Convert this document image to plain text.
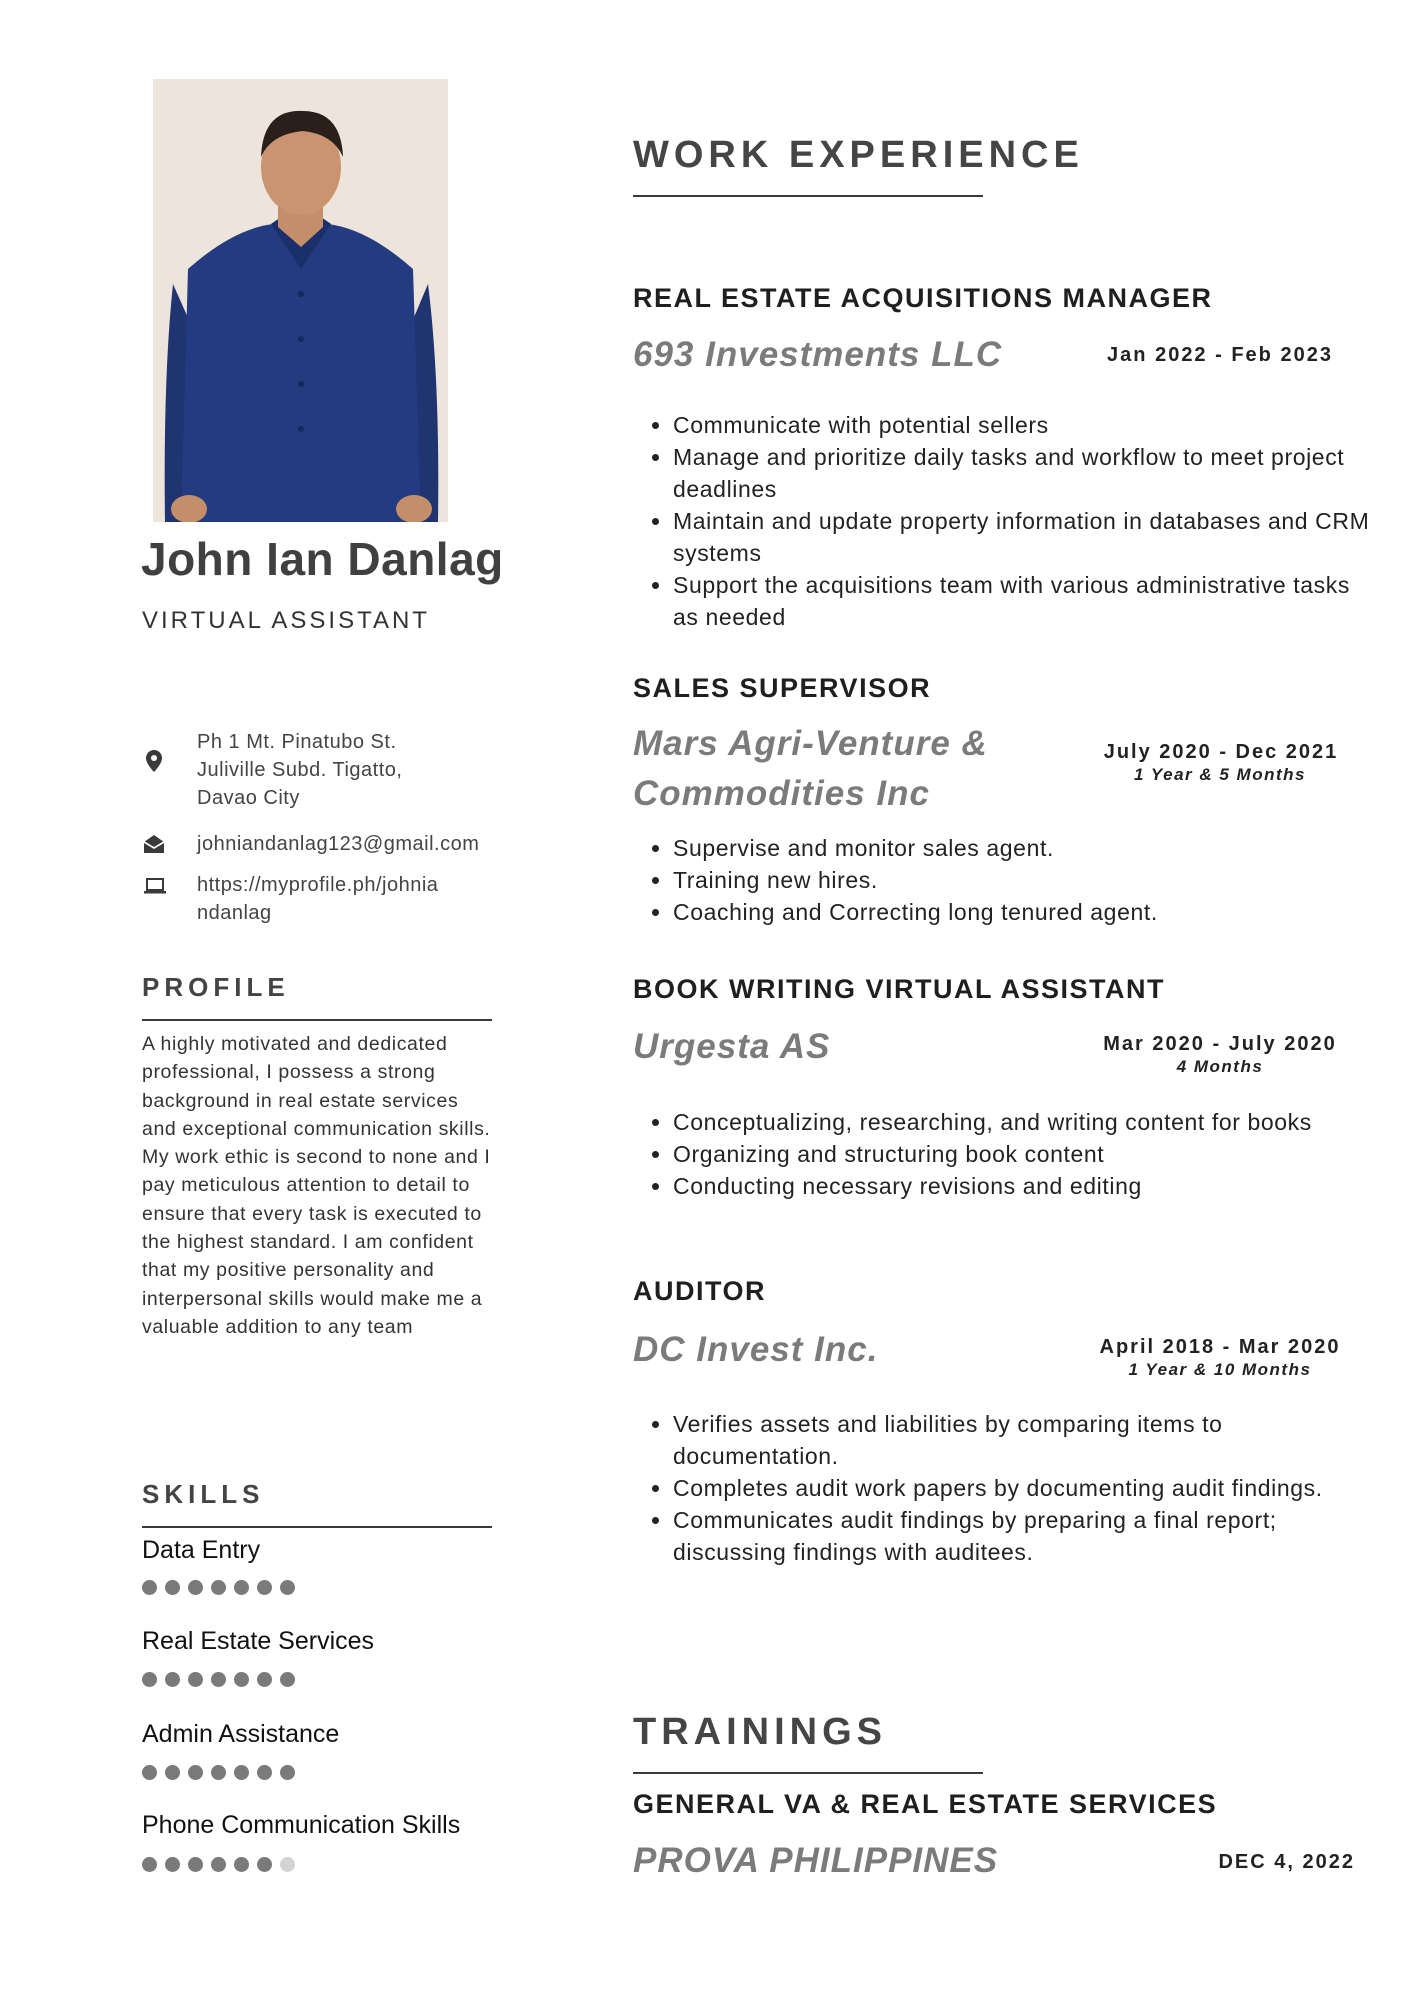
John Ian Danlag
VIRTUAL ASSISTANT
Ph 1 Mt. Pinatubo St.
Juliville Subd. Tigatto,
Davao City
johniandanlag123@gmail.com
https://myprofile.ph/johnia
ndanlag
PROFILE
A highly motivated and dedicated professional, I possess a strong background in real estate services and exceptional communication skills. My work ethic is second to none and I pay meticulous attention to detail to ensure that every task is executed to the highest standard. I am confident that my positive personality and interpersonal skills would make me a valuable addition to any team
SKILLS
Data Entry
Real Estate Services
Admin Assistance
Phone Communication Skills
WORK EXPERIENCE
REAL ESTATE ACQUISITIONS MANAGER
693 Investments LLC	Jan 2022 - Feb 2023
• Communicate with potential sellers
• Manage and prioritize daily tasks and workflow to meet project deadlines
• Maintain and update property information in databases and CRM systems
• Support the acquisitions team with various administrative tasks as needed
SALES SUPERVISOR
Mars Agri-Venture & Commodities Inc
July 2020 - Dec 2021
1 Year & 5 Months
• Supervise and monitor sales agent.
• Training new hires.
• Coaching and Correcting long tenured agent.
BOOK WRITING VIRTUAL ASSISTANT
Urgesta AS	Mar 2020 - July 2020
4 Months
• Conceptualizing, researching, and writing content for books
• Organizing and structuring book content
• Conducting necessary revisions and editing
AUDITOR
DC Invest Inc.	April 2018 - Mar 2020
1 Year & 10 Months
• Verifies assets and liabilities by comparing items to documentation.
• Completes audit work papers by documenting audit findings.
• Communicates audit findings by preparing a final report; discussing findings with auditees.
TRAININGS
GENERAL VA & REAL ESTATE SERVICES
PROVA PHILIPPINES	DEC 4, 2022
